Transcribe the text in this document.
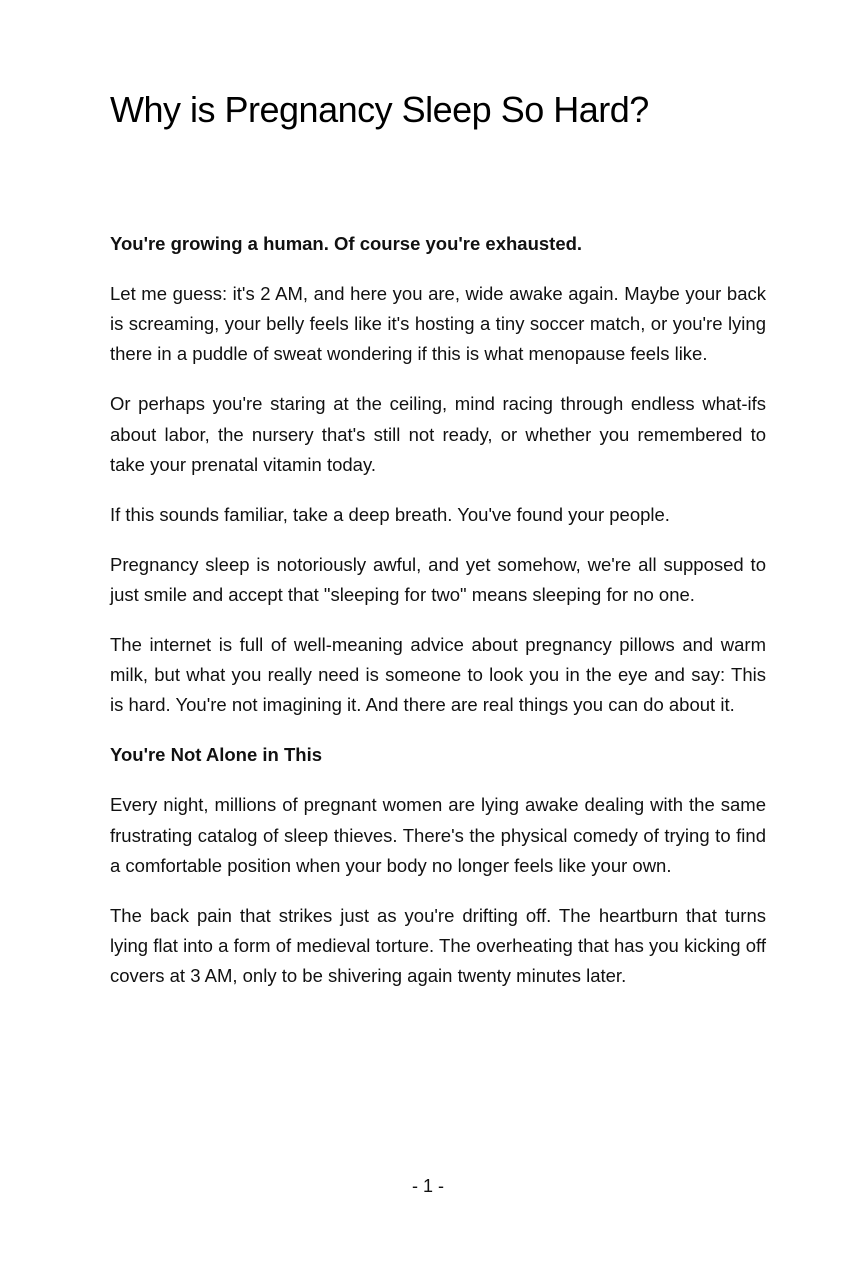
Why is Pregnancy Sleep So Hard?

You're growing a human. Of course you're exhausted.

Let me guess: it's 2 AM, and here you are, wide awake again. Maybe your back is screaming, your belly feels like it's hosting a tiny soccer match, or you're lying there in a puddle of sweat wondering if this is what menopause feels like.

Or perhaps you're staring at the ceiling, mind racing through endless what-ifs about labor, the nursery that's still not ready, or whether you remembered to take your prenatal vitamin today.

If this sounds familiar, take a deep breath. You've found your people.

Pregnancy sleep is notoriously awful, and yet somehow, we're all supposed to just smile and accept that "sleeping for two" means sleeping for no one.

The internet is full of well-meaning advice about pregnancy pillows and warm milk, but what you really need is someone to look you in the eye and say: This is hard. You're not imagining it. And there are real things you can do about it.

You're Not Alone in This

Every night, millions of pregnant women are lying awake dealing with the same frustrating catalog of sleep thieves. There's the physical comedy of trying to find a comfortable position when your body no longer feels like your own.

The back pain that strikes just as you're drifting off. The heartburn that turns lying flat into a form of medieval torture. The overheating that has you kicking off covers at 3 AM, only to be shivering again twenty minutes later.

- 1 -
